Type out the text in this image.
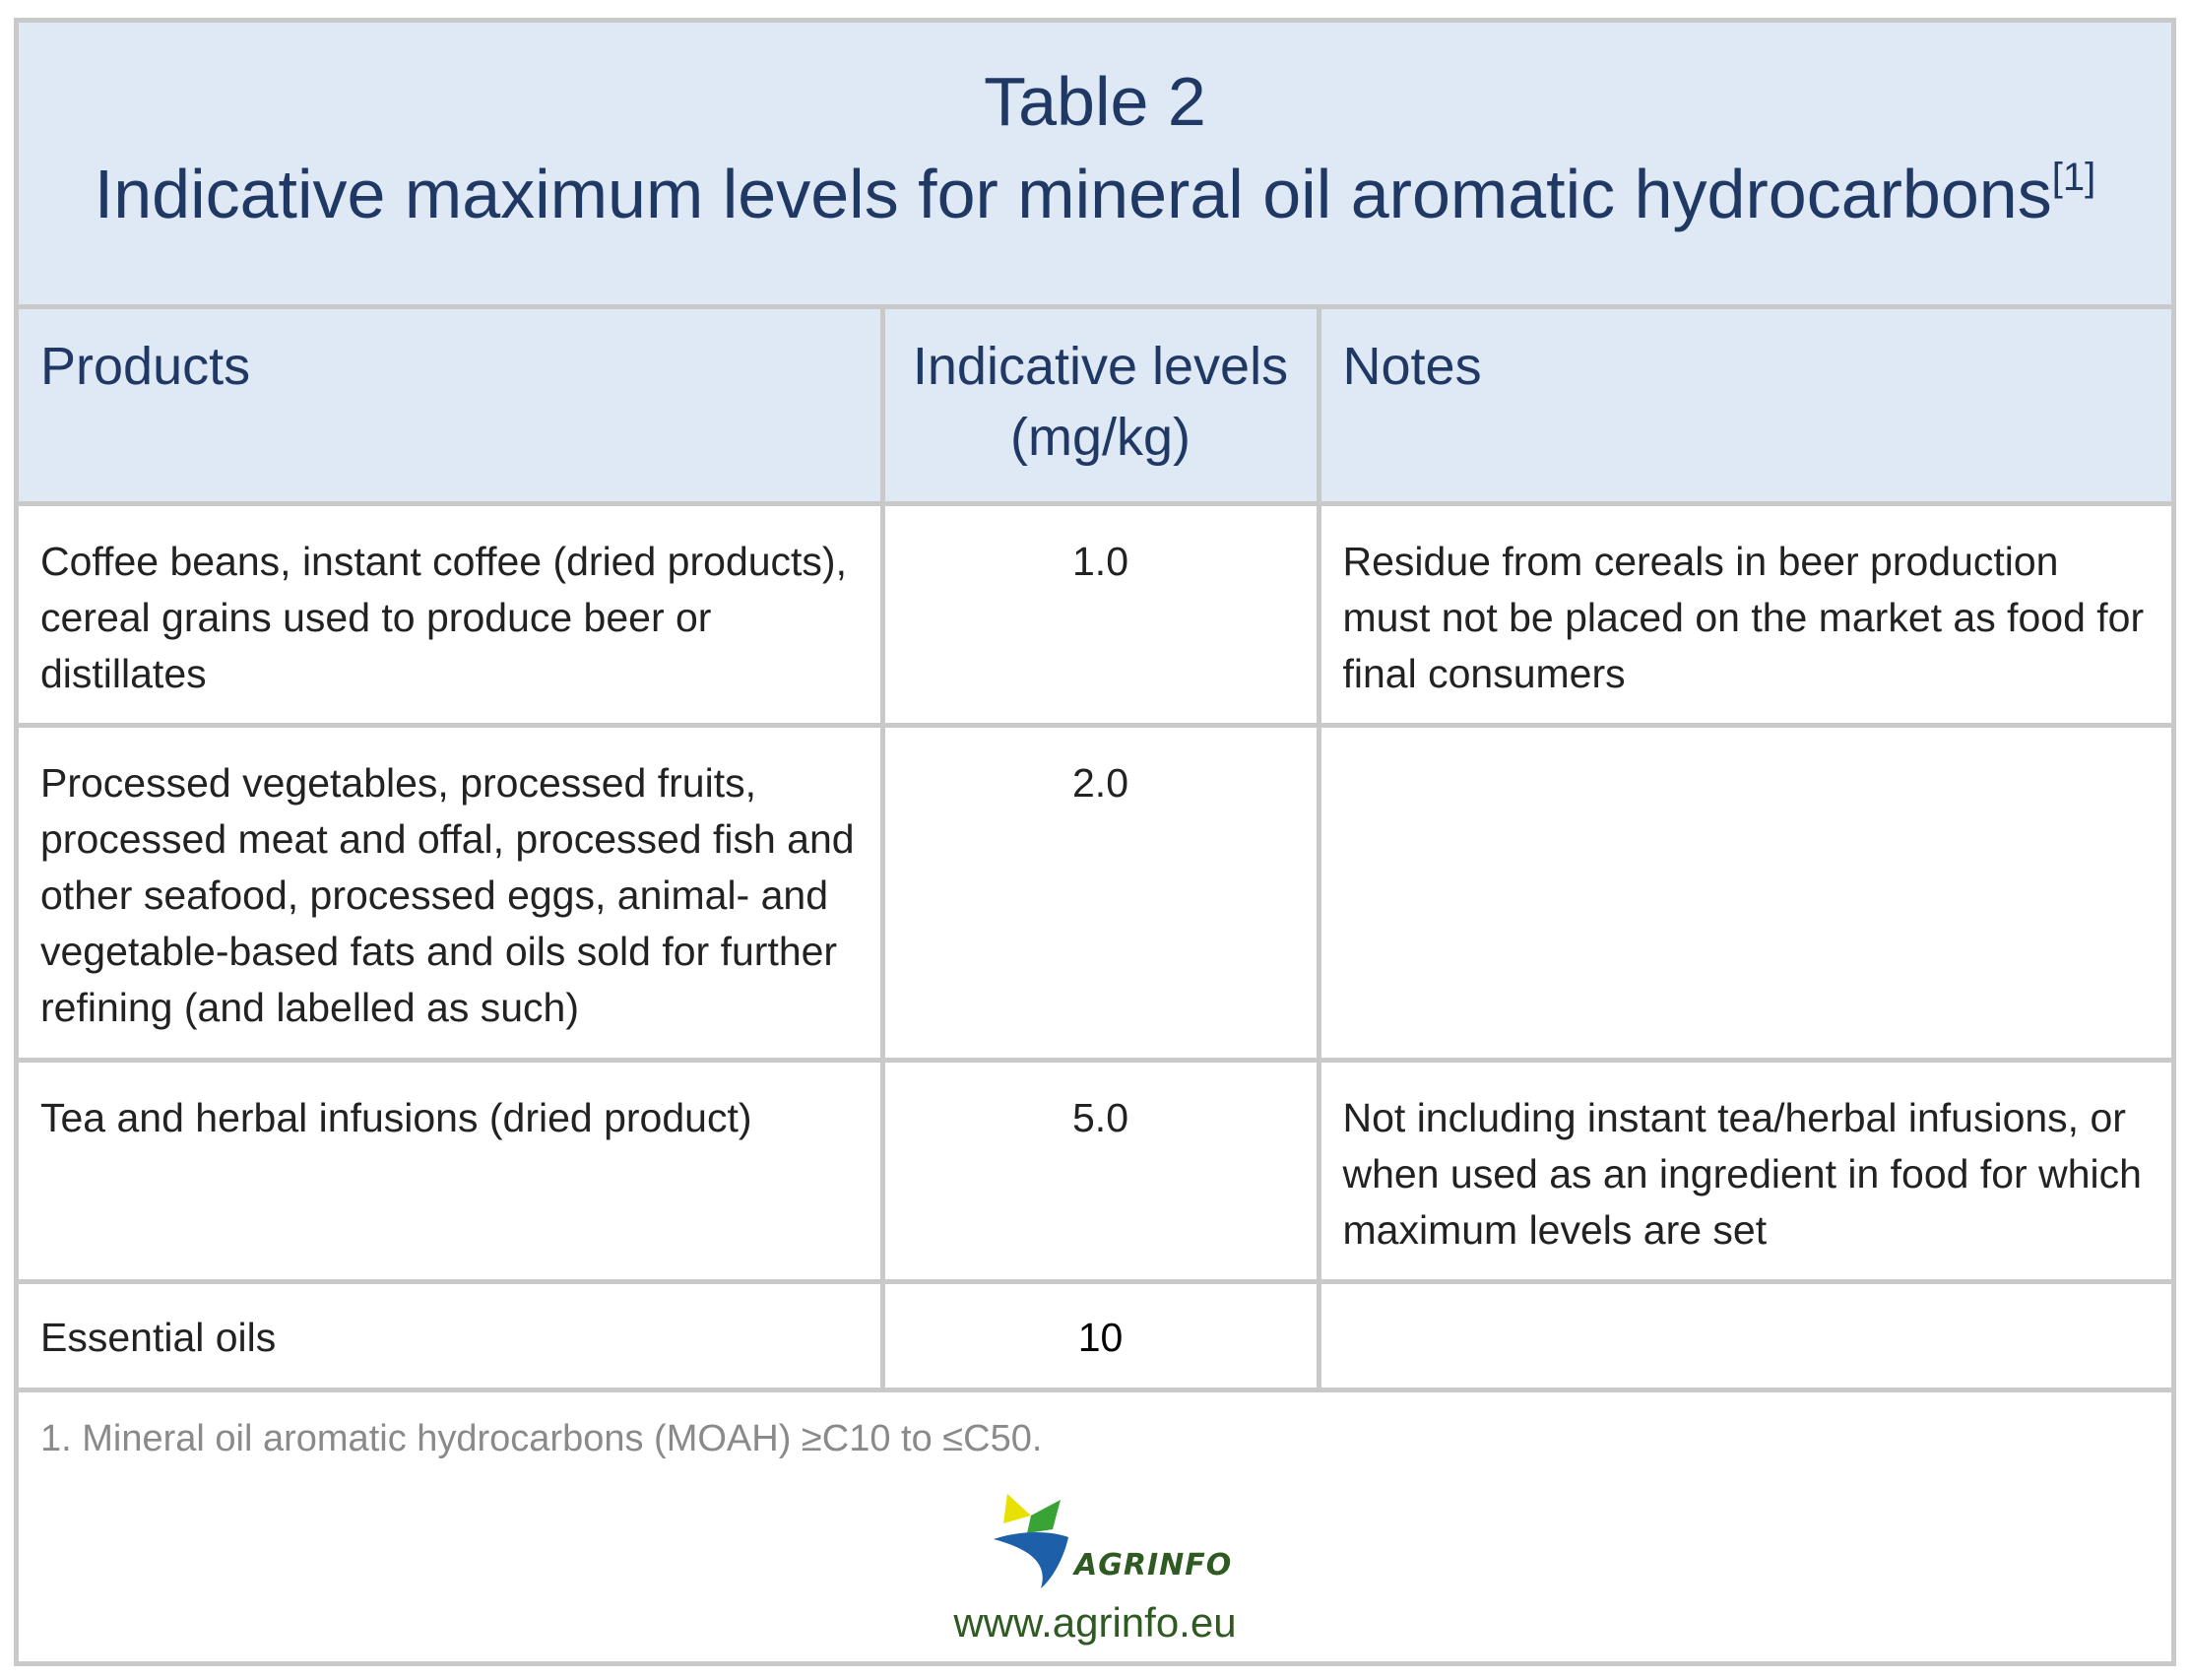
Table 2
Indicative maximum levels for mineral oil aromatic hydrocarbons[1]
Products	Indicative levels (mg/kg)	Notes

Coffee beans, instant coffee (dried products), cereal grains used to produce beer or distillates	1.0	Residue from cereals in beer production must not be placed on the market as food for final consumers

Processed vegetables, processed fruits, processed meat and offal, processed fish and other seafood, processed eggs, animal- and vegetable-based fats and oils sold for further refining (and labelled as such)	2.0	

Tea and herbal infusions (dried product)	5.0	Not including instant tea/herbal infusions, or when used as an ingredient in food for which maximum levels are set

Essential oils	10	

1. Mineral oil aromatic hydrocarbons (MOAH) ≥C10 to ≤C50.
AGRINFO
www.agrinfo.eu
